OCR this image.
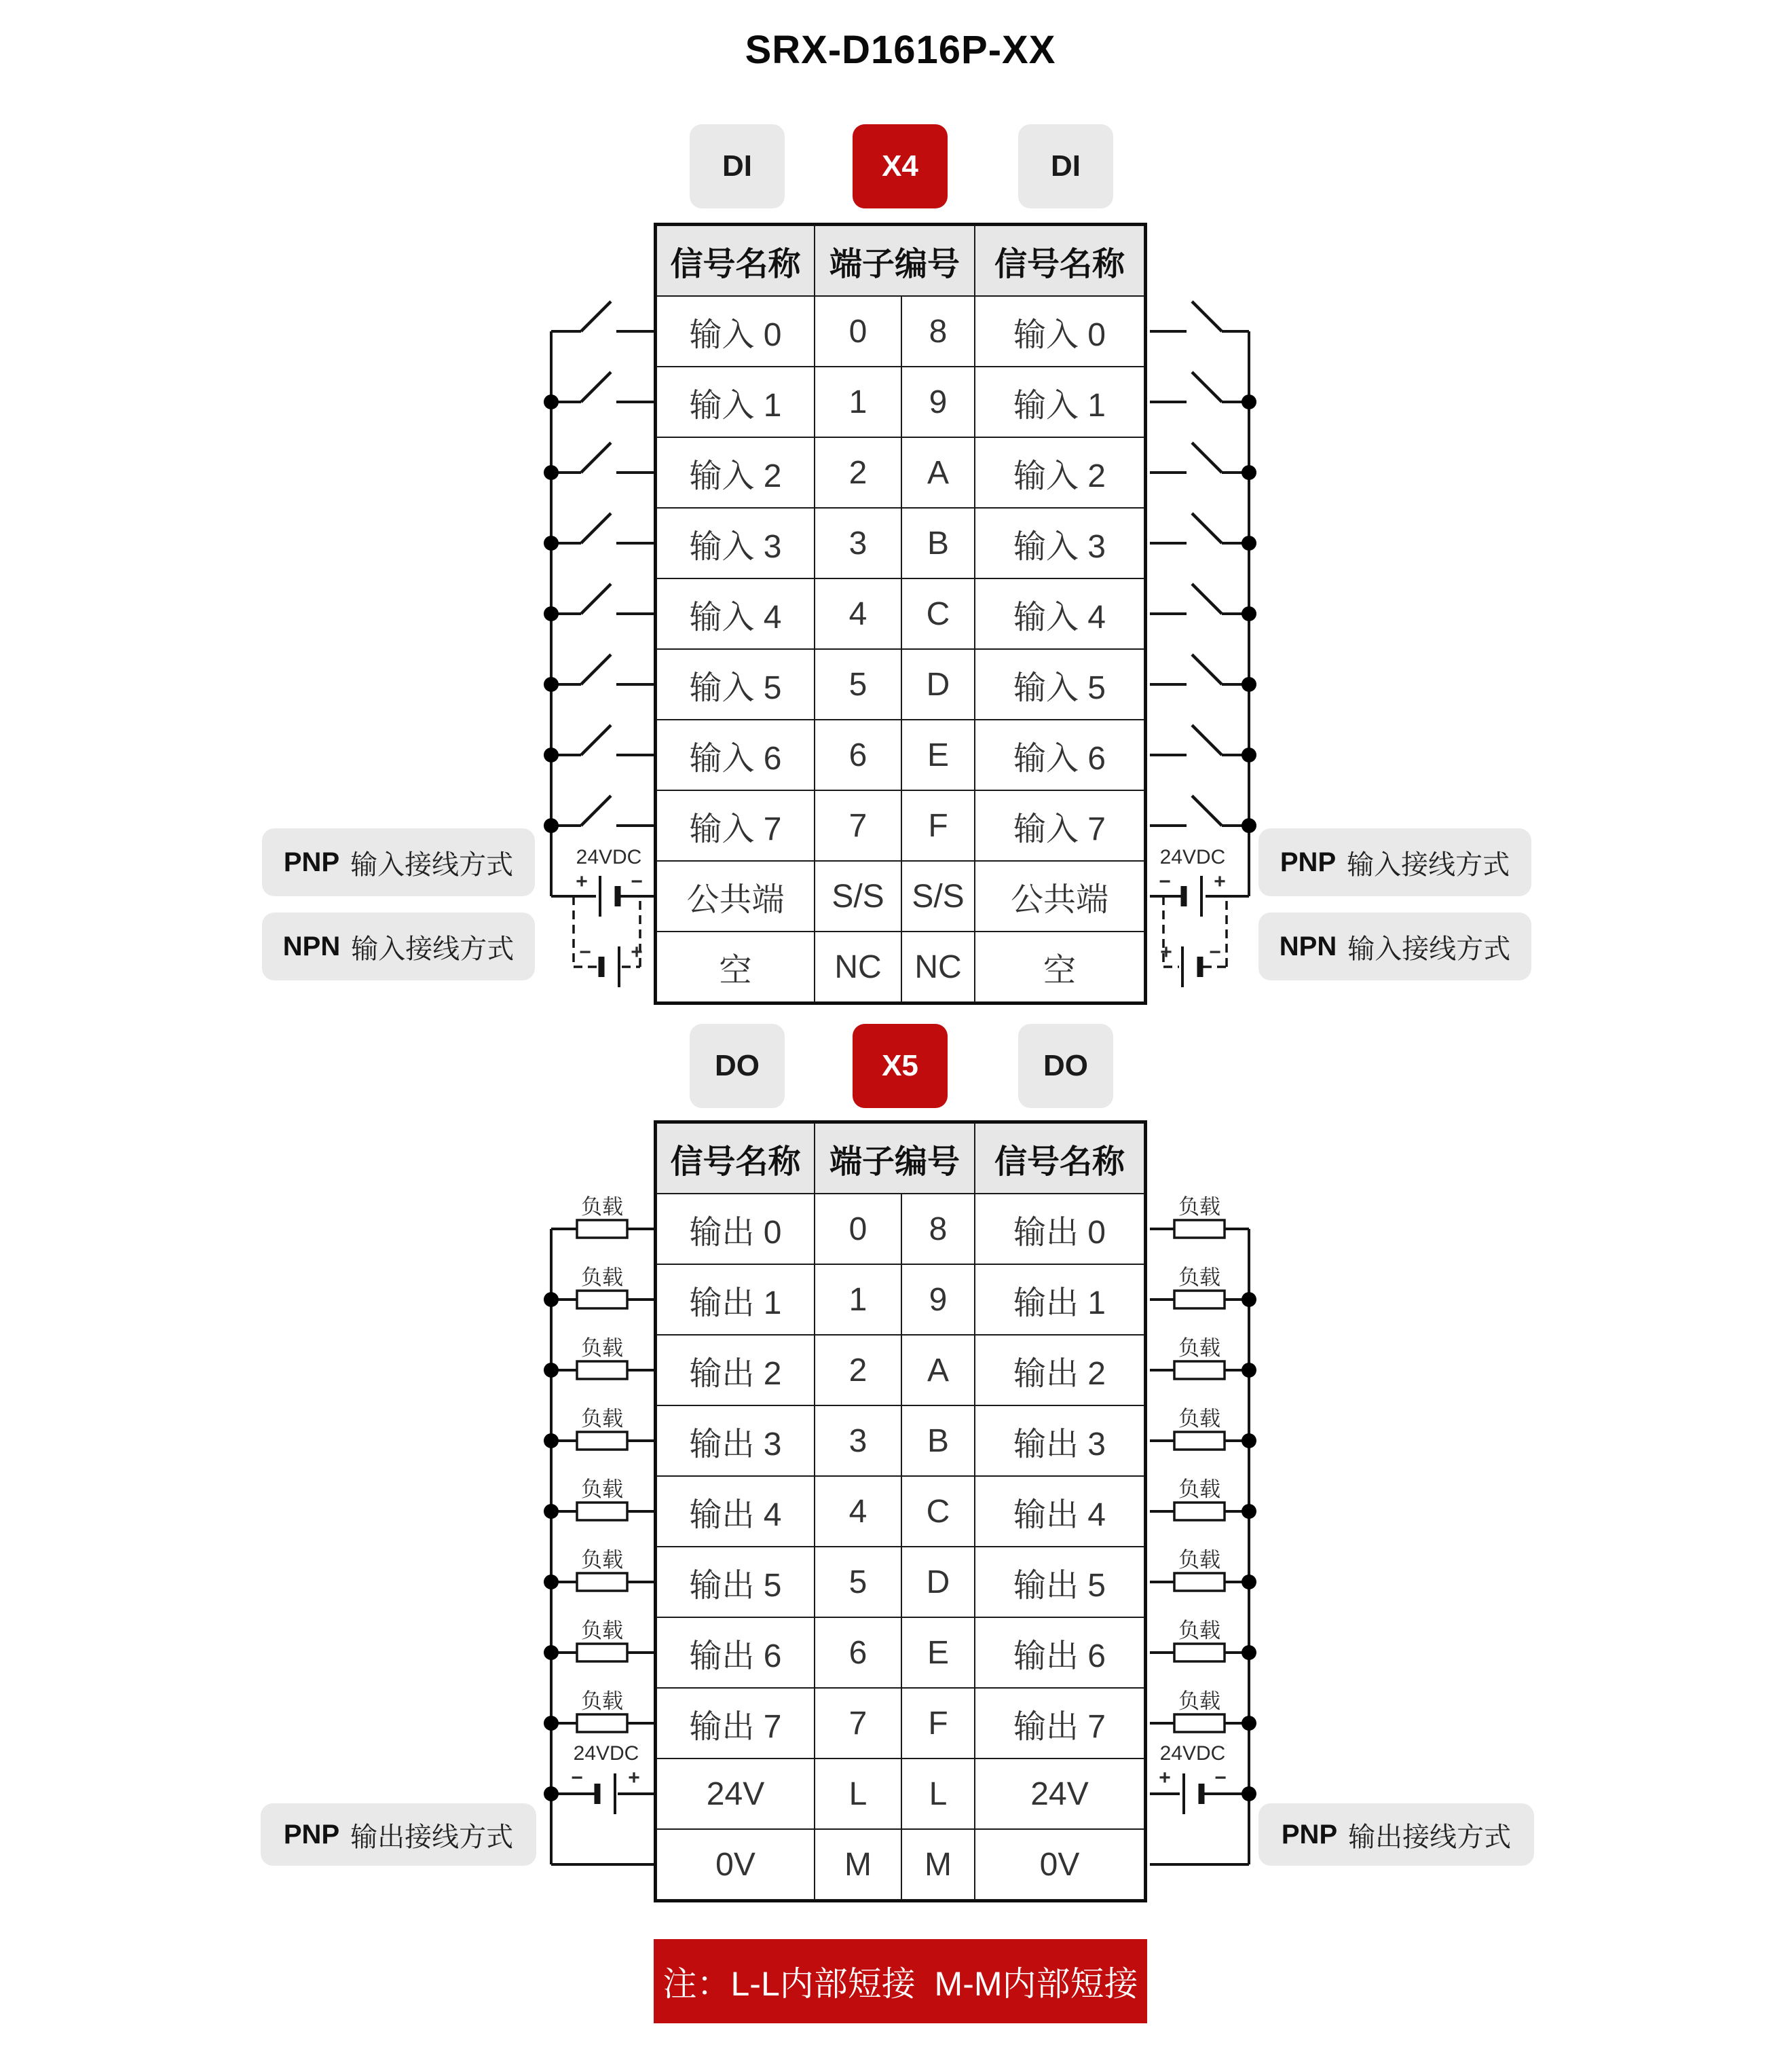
SRX-D1616P-XX
DI	X4	DI
信号名称 端子编号	信号名称
输入 0	0	8	输入 0
输入 1	1	9	输入 1
输入 2	2	A	输入 2
输入 3	3	B	输入 3
输入 4	4	C	输入 4
输入 5	5	D	输入 5
输入 6	6	E	输入 6
输入 7	7	F	输入 7
公共端	S/S S/S	公共端
空	NC	NC	空
DO	X5	DO
信号名称 端子编号	信号名称
输出 0	0	8	输出 0
输出 1	1	9	输出 1
输出 2	2	A	输出 2
输出 3	3	B	输出 3
输出 4	4	C	输出 4
输出 5	5	D	输出 5
输出 6	6	E	输出 6
输出 7	7	F	输出 7
24V	L	L	24V
0V	M	M	0V
PNP 输入接线方式
NPN 输入接线方式
PNP 输入接线方式
NPN 输入接线方式
PNP 输出接线方式	PNP 输出接线方式
注：L-L内部短接  M-M内部短接
24VDC	24VDC
24VDC	24VDC
+ −
− +
− +
+ −
− +	+ −
负载
负载
负载
负载
负载
负载
负载
负载
负载
负载
负载
负载
负载
负载
负载
负载
